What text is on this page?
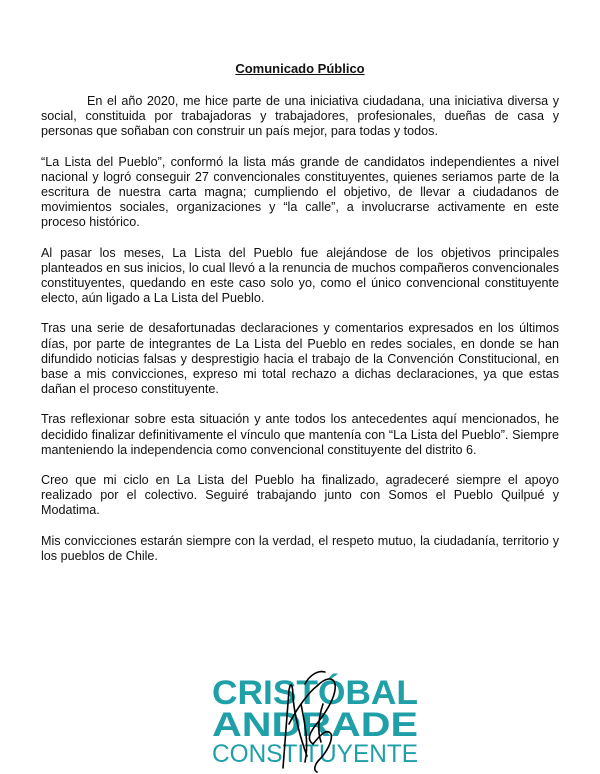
Comunicado Público

En el año 2020, me hice parte de una iniciativa ciudadana, una iniciativa diversa y social, constituida por trabajadoras y trabajadores, profesionales, dueñas de casa y personas que soñaban con construir un país mejor, para todas y todos.

“La Lista del Pueblo”, conformó la lista más grande de candidatos independientes a nivel nacional y logró conseguir 27 convencionales constituyentes, quienes seriamos parte de la escritura de nuestra carta magna; cumpliendo el objetivo, de llevar a ciudadanos de movimientos sociales, organizaciones y “la calle”, a involucrarse activamente en este proceso histórico.

Al pasar los meses, La Lista del Pueblo fue alejándose de los objetivos principales planteados en sus inicios, lo cual llevó a la renuncia de muchos compañeros convencionales constituyentes, quedando en este caso solo yo, como el único convencional constituyente electo, aún ligado a La Lista del Pueblo.

Tras una serie de desafortunadas declaraciones y comentarios expresados en los últimos días, por parte de integrantes de La Lista del Pueblo en redes sociales, en donde se han difundido noticias falsas y desprestigio hacia el trabajo de la Convención Constitucional, en base a mis convicciones, expreso mi total rechazo a dichas declaraciones, ya que estas dañan el proceso constituyente.

Tras reflexionar sobre esta situación y ante todos los antecedentes aquí mencionados, he decidido finalizar definitivamente el vínculo que mantenía con “La Lista del Pueblo”. Siempre manteniendo la independencia como convencional constituyente del distrito 6.

Creo que mi ciclo en La Lista del Pueblo ha finalizado, agradeceré siempre el apoyo realizado por el colectivo. Seguiré trabajando junto con Somos el Pueblo Quilpué y Modatima.

Mis convicciones estarán siempre con la verdad, el respeto mutuo, la ciudadanía, territorio y los pueblos de Chile.

CRISTÓBAL
ANDRADE
CONSTITUYENTE
